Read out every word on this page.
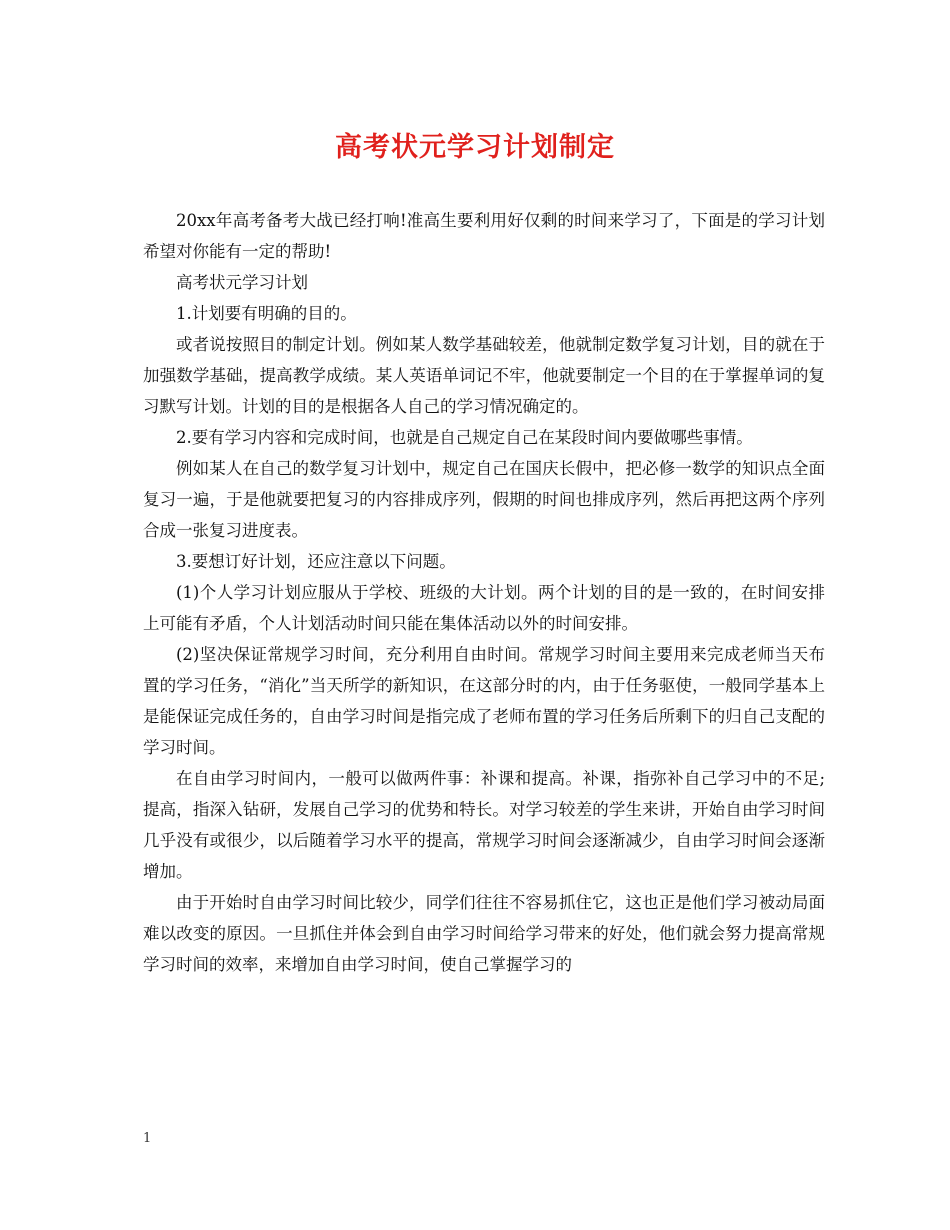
高考状元学习计划制定

20xx年高考备考大战已经打响!准高生要利用好仅剩的时间来学习了，下面是的学习计划希望对你能有一定的帮助!

高考状元学习计划

1.计划要有明确的目的。

或者说按照目的制定计划。例如某人数学基础较差，他就制定数学复习计划，目的就在于加强数学基础，提高教学成绩。某人英语单词记不牢，他就要制定一个目的在于掌握单词的复习默写计划。计划的目的是根据各人自己的学习情况确定的。

2.要有学习内容和完成时间，也就是自己规定自己在某段时间内要做哪些事情。

例如某人在自己的数学复习计划中，规定自己在国庆长假中，把必修一数学的知识点全面复习一遍，于是他就要把复习的内容排成序列，假期的时间也排成序列，然后再把这两个序列合成一张复习进度表。

3.要想订好计划，还应注意以下问题。

(1)个人学习计划应服从于学校、班级的大计划。两个计划的目的是一致的，在时间安排上可能有矛盾，个人计划活动时间只能在集体活动以外的时间安排。

(2)坚决保证常规学习时间，充分利用自由时间。常规学习时间主要用来完成老师当天布置的学习任务，“消化”当天所学的新知识，在这部分时的内，由于任务驱使，一般同学基本上是能保证完成任务的，自由学习时间是指完成了老师布置的学习任务后所剩下的归自己支配的学习时间。

在自由学习时间内，一般可以做两件事：补课和提高。补课，指弥补自己学习中的不足;提高，指深入钻研，发展自己学习的优势和特长。对学习较差的学生来讲，开始自由学习时间几乎没有或很少，以后随着学习水平的提高，常规学习时间会逐渐减少，自由学习时间会逐渐增加。

由于开始时自由学习时间比较少，同学们往往不容易抓住它，这也正是他们学习被动局面难以改变的原因。一旦抓住并体会到自由学习时间给学习带来的好处，他们就会努力提高常规学习时间的效率，来增加自由学习时间，使自己掌握学习的

1
